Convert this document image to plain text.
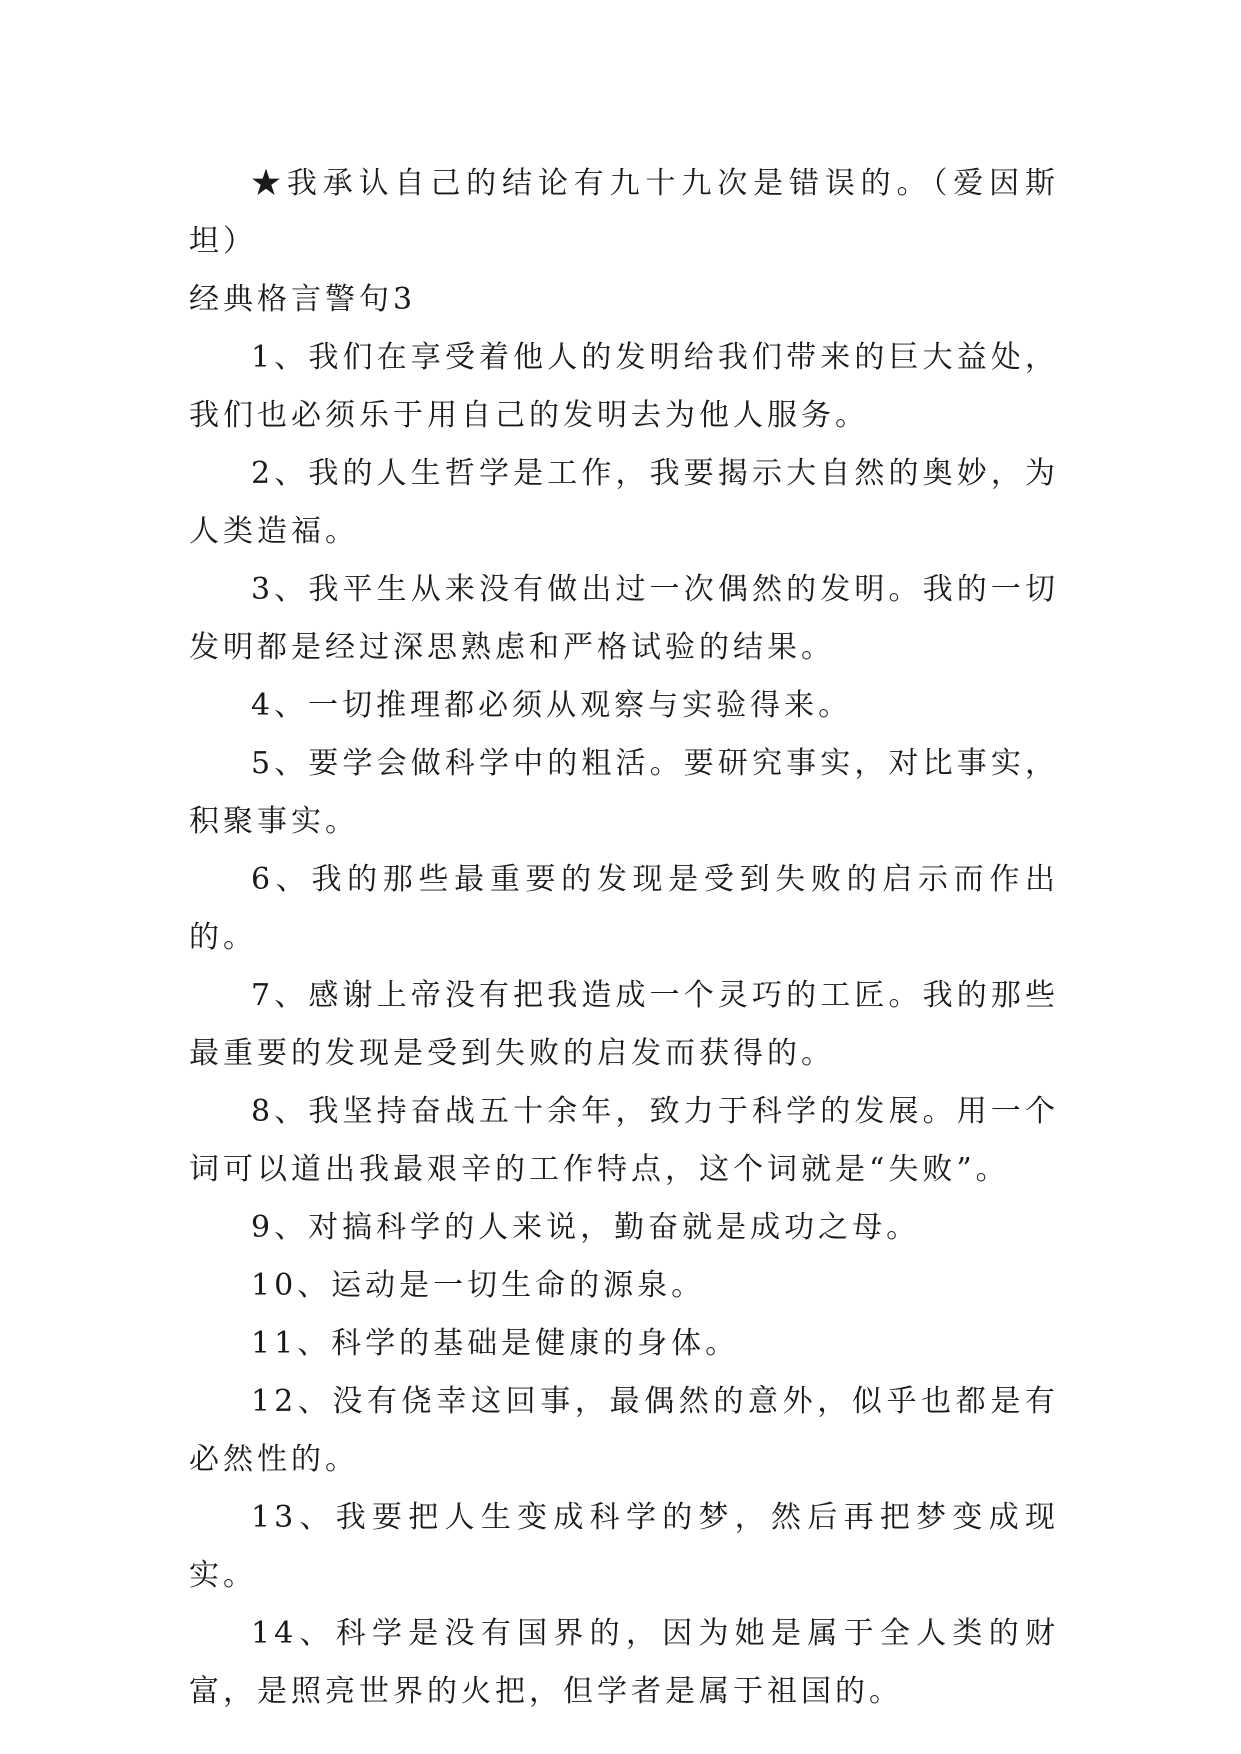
★我承认自己的结论有九十九次是错误的。（爱因斯坦）

经典格言警句3

1、我们在享受着他人的发明给我们带来的巨大益处，我们也必须乐于用自己的发明去为他人服务。

2、我的人生哲学是工作，我要揭示大自然的奥妙，为人类造福。

3、我平生从来没有做出过一次偶然的发明。我的一切发明都是经过深思熟虑和严格试验的结果。

4、一切推理都必须从观察与实验得来。

5、要学会做科学中的粗活。要研究事实，对比事实，积聚事实。

6、我的那些最重要的发现是受到失败的启示而作出的。

7、感谢上帝没有把我造成一个灵巧的工匠。我的那些最重要的发现是受到失败的启发而获得的。

8、我坚持奋战五十余年，致力于科学的发展。用一个词可以道出我最艰辛的工作特点，这个词就是“失败”。

9、对搞科学的人来说，勤奋就是成功之母。

10、运动是一切生命的源泉。

11、科学的基础是健康的身体。

12、没有侥幸这回事，最偶然的意外，似乎也都是有必然性的。

13、我要把人生变成科学的梦，然后再把梦变成现实。

14、科学是没有国界的，因为她是属于全人类的财富，是照亮世界的火把，但学者是属于祖国的。
